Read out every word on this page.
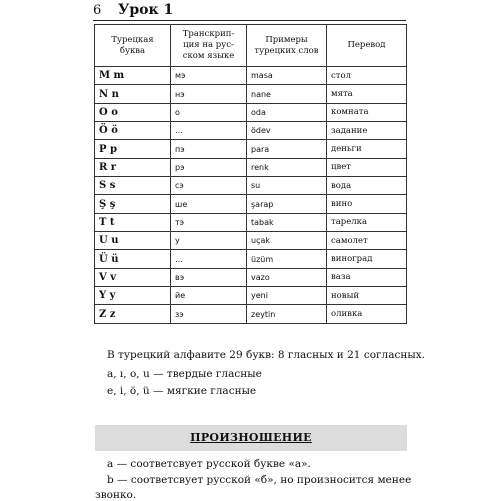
6 Урок 1
Турецкая буква	Транскрип-ция на рус-ском языке	Примеры турецких слов	Перевод
M m	мэ	masa	стол
N n	нэ	nane	мята
O o	о	oda	комната
Ö ö	…	ödev	задание
P p	пэ	para	деньги
R r	рэ	renk	цвет
S s	сэ	su	вода
Ş ş	ше	şarap	вино
T t	тэ	tabak	тарелка
U u	у	uçak	самолет
Ü ü	…	üzüm	виноград
V v	вэ	vazo	ваза
Y y	йе	yeni	новый
Z z	зэ	zeytin	оливка
В турецкий алфавите 29 букв: 8 гласных и 21 согласных.
a, ı, o, u — твердые гласные
e, i, ö, ü — мягкие гласные
ПРОИЗНОШЕНИЕ
a — соответсвует русской букве «а».
b — соответсвует русской «б», но произносится менее
звонко.
